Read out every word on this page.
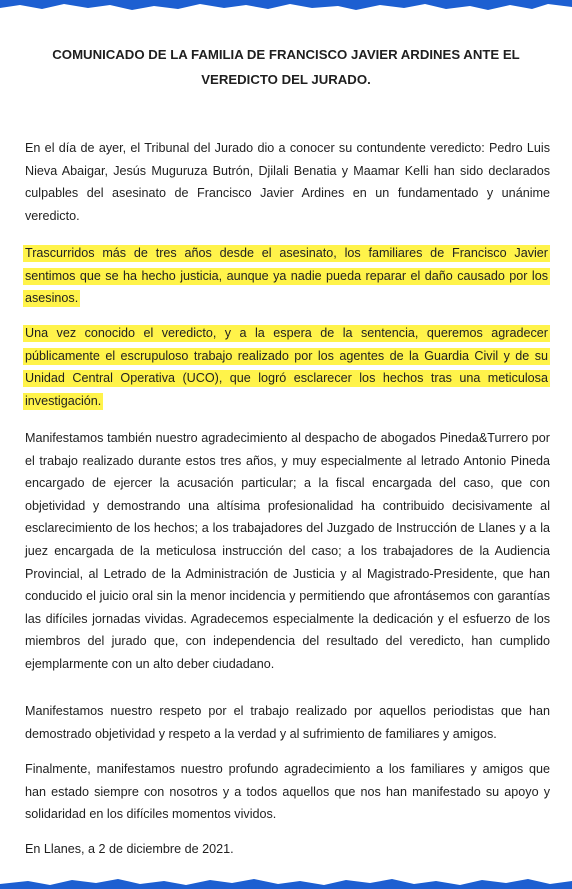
COMUNICADO DE LA FAMILIA DE FRANCISCO JAVIER ARDINES ANTE EL VEREDICTO DEL JURADO.

En el día de ayer, el Tribunal del Jurado dio a conocer su contundente veredicto: Pedro Luis Nieva Abaigar, Jesús Muguruza Butrón, Djilali Benatia y Maamar Kelli han sido declarados culpables del asesinato de Francisco Javier Ardines en un fundamentado y unánime veredicto.

Trascurridos más de tres años desde el asesinato, los familiares de Francisco Javier sentimos que se ha hecho justicia, aunque ya nadie pueda reparar el daño causado por los asesinos.

Una vez conocido el veredicto, y a la espera de la sentencia, queremos agradecer públicamente el escrupuloso trabajo realizado por los agentes de la Guardia Civil y de su Unidad Central Operativa (UCO), que logró esclarecer los hechos tras una meticulosa investigación.

Manifestamos también nuestro agradecimiento al despacho de abogados Pineda&Turrero por el trabajo realizado durante estos tres años, y muy especialmente al letrado Antonio Pineda encargado de ejercer la acusación particular; a la fiscal encargada del caso, que con objetividad y demostrando una altísima profesionalidad ha contribuido decisivamente al esclarecimiento de los hechos; a los trabajadores del Juzgado de Instrucción de Llanes y a la juez encargada de la meticulosa instrucción del caso; a los trabajadores de la Audiencia Provincial, al Letrado de la Administración de Justicia y al Magistrado-Presidente, que han conducido el juicio oral sin la menor incidencia y permitiendo que afrontásemos con garantías las difíciles jornadas vividas. Agradecemos especialmente la dedicación y el esfuerzo de los miembros del jurado que, con independencia del resultado del veredicto, han cumplido ejemplarmente con un alto deber ciudadano.

Manifestamos nuestro respeto por el trabajo realizado por aquellos periodistas que han demostrado objetividad y respeto a la verdad y al sufrimiento de familiares y amigos.

Finalmente, manifestamos nuestro profundo agradecimiento a los familiares y amigos que han estado siempre con nosotros y a todos aquellos que nos han manifestado su apoyo y solidaridad en los difíciles momentos vividos.

En Llanes, a 2 de diciembre de 2021.
